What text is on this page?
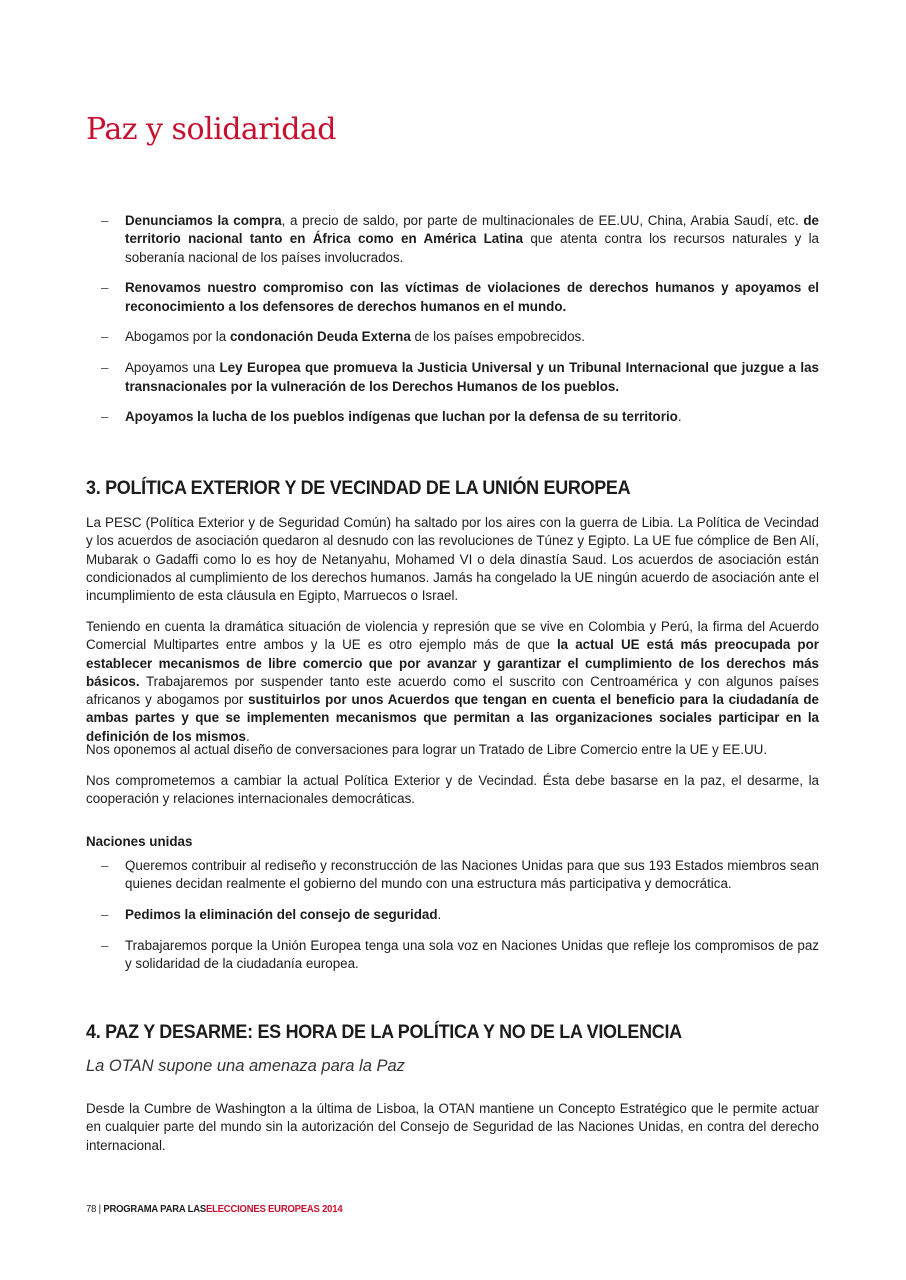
Paz y solidaridad
– Denunciamos la compra, a precio de saldo, por parte de multinacionales de EE.UU, China, Arabia Saudí, etc. de territorio nacional tanto en África como en América Latina que atenta contra los recursos naturales y la soberanía nacional de los países involucrados.
– Renovamos nuestro compromiso con las víctimas de violaciones de derechos humanos y apoyamos el reconocimiento a los defensores de derechos humanos en el mundo.
– Abogamos por la condonación Deuda Externa de los países empobrecidos.
– Apoyamos una Ley Europea que promueva la Justicia Universal y un Tribunal Internacional que juzgue a las transnacionales por la vulneración de los Derechos Humanos de los pueblos.
– Apoyamos la lucha de los pueblos indígenas que luchan por la defensa de su territorio.
3. POLÍTICA EXTERIOR Y DE VECINDAD DE LA UNIÓN EUROPEA

La PESC (Política Exterior y de Seguridad Común) ha saltado por los aires con la guerra de Libia. La Política de Vecindad y los acuerdos de asociación quedaron al desnudo con las revoluciones de Túnez y Egipto. La UE fue cómplice de Ben Alí, Mubarak o Gadaffi como lo es hoy de Netanyahu, Mohamed VI o dela dinastía Saud. Los acuerdos de asociación están condicionados al cumplimiento de los derechos humanos. Jamás ha congelado la UE ningún acuerdo de asociación ante el incumplimiento de esta cláusula en Egipto, Marruecos o Israel.

Teniendo en cuenta la dramática situación de violencia y represión que se vive en Colombia y Perú, la firma del Acuerdo Comercial Multipartes entre ambos y la UE es otro ejemplo más de que la actual UE está más preocupada por establecer mecanismos de libre comercio que por avanzar y garantizar el cumplimiento de los derechos más básicos. Trabajaremos por suspender tanto este acuerdo como el suscrito con Centroamérica y con algunos países africanos y abogamos por sustituirlos por unos Acuerdos que tengan en cuenta el beneficio para la ciudadanía de ambas partes y que se implementen mecanismos que permitan a las organizaciones sociales participar en la definición de los mismos.

Nos oponemos al actual diseño de conversaciones para lograr un Tratado de Libre Comercio entre la UE y EE.UU.

Nos comprometemos a cambiar la actual Política Exterior y de Vecindad. Ésta debe basarse en la paz, el desarme, la cooperación y relaciones internacionales democráticas.

Naciones unidas

– Queremos contribuir al rediseño y reconstrucción de las Naciones Unidas para que sus 193 Estados miembros sean quienes decidan realmente el gobierno del mundo con una estructura más participativa y democrática.
– Pedimos la eliminación del consejo de seguridad.
– Trabajaremos porque la Unión Europea tenga una sola voz en Naciones Unidas que refleje los compromisos de paz y solidaridad de la ciudadanía europea.
4. PAZ Y DESARME: ES HORA DE LA POLÍTICA Y NO DE LA VIOLENCIA

La OTAN supone una amenaza para la Paz

Desde la Cumbre de Washington a la última de Lisboa, la OTAN mantiene un Concepto Estratégico que le permite actuar en cualquier parte del mundo sin la autorización del Consejo de Seguridad de las Naciones Unidas, en contra del derecho internacional.

78 | PROGRAMA PARA LASELECCIONES EUROPEAS 2014
